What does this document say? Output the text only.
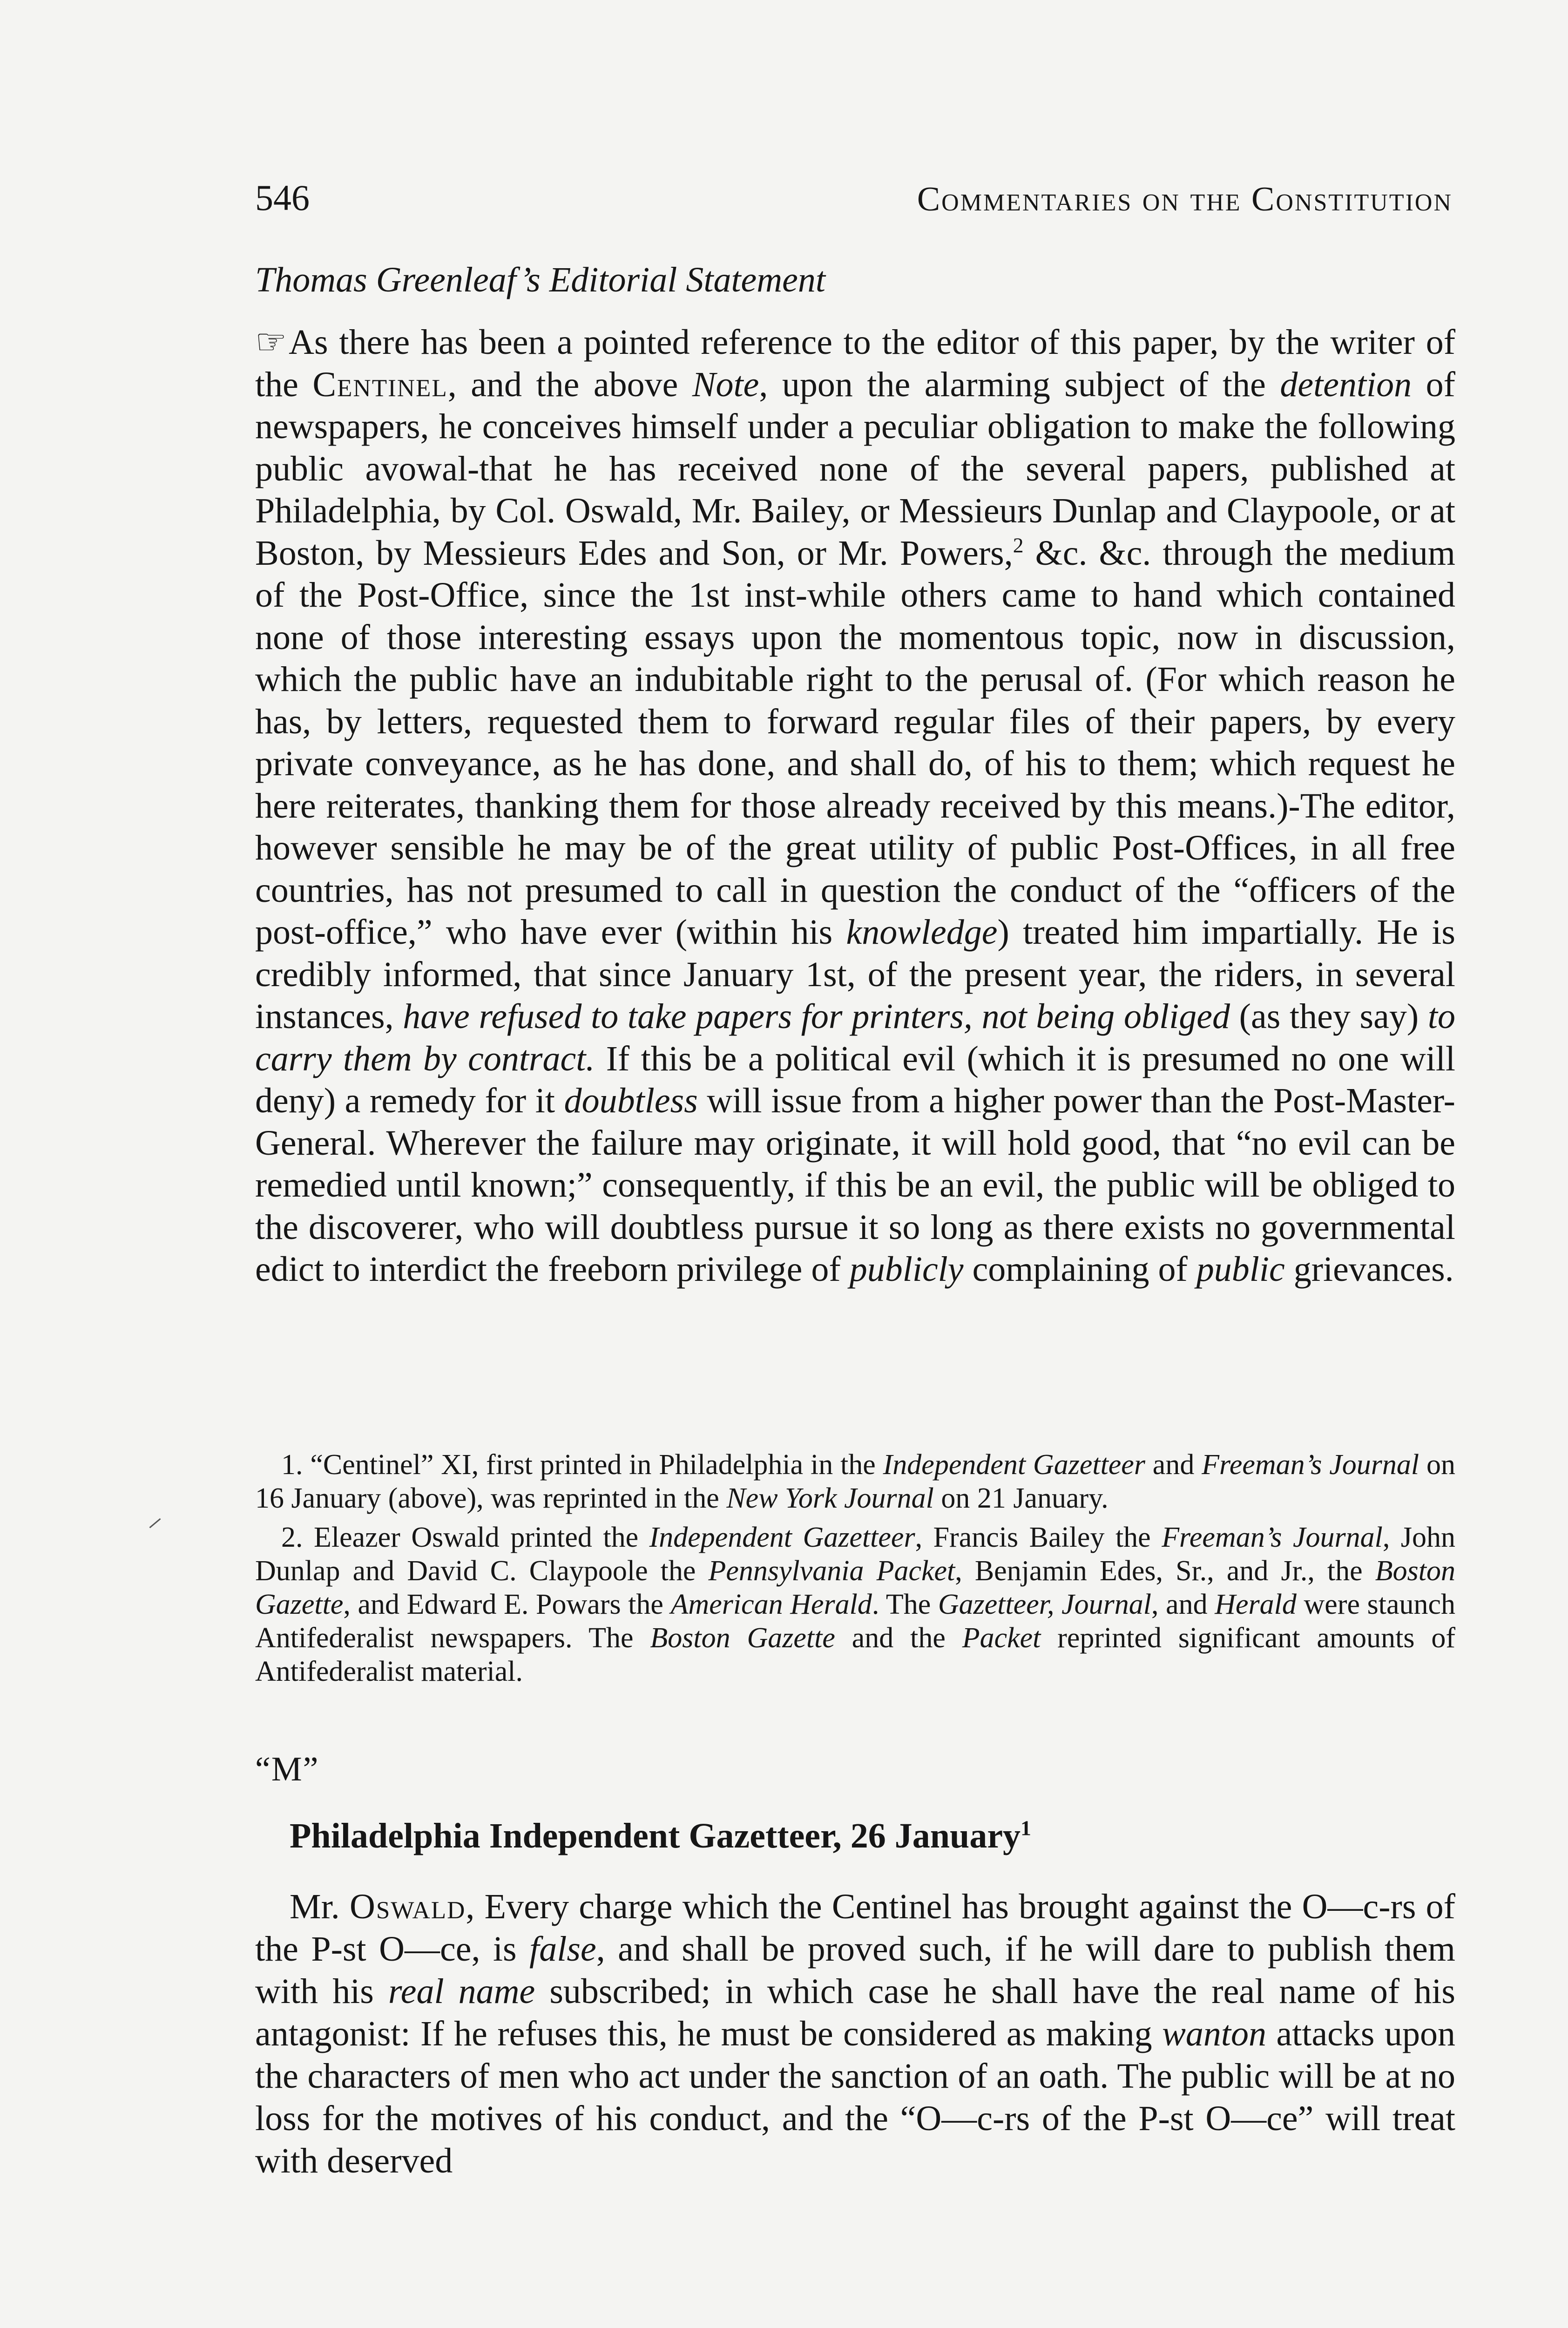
546	Commentaries on the Constitution
Thomas Greenleaf’s Editorial Statement
☞As there has been a pointed reference to the editor of this paper, by the writer of the Centinel, and the above Note, upon the alarming subject of the detention of newspapers, he conceives himself under a peculiar obligation to make the following public avowal-that he has received none of the several papers, published at Philadelphia, by Col. Oswald, Mr. Bailey, or Messieurs Dunlap and Claypoole, or at Boston, by Messieurs Edes and Son, or Mr. Powers,$^2$ &c. &c. through the medium of the Post-Office, since the 1st inst-while others came to hand which contained none of those interesting essays upon the momentous topic, now in discussion, which the public have an indubitable right to the perusal of. (For which reason he has, by letters, requested them to forward regular files of their papers, by every private conveyance, as he has done, and shall do, of his to them; which request he here reiterates, thanking them for those already received by this means.)-The editor, however sensible he may be of the great utility of public Post-Offices, in all free countries, has not presumed to call in question the conduct of the “officers of the post-office,” who have ever (within his knowledge) treated him impartially. He is credibly informed, that since January 1st, of the present year, the riders, in several instances, have refused to take papers for printers, not being obliged (as they say) to carry them by contract. If this be a political evil (which it is presumed no one will deny) a remedy for it doubtless will issue from a higher power than the Post-Master-General. Wherever the failure may originate, it will hold good, that “no evil can be remedied until known;” consequently, if this be an evil, the public will be obliged to the discoverer, who will doubtless pursue it so long as there exists no governmental edict to interdict the freeborn privilege of publicly complaining of public grievances.

1. “Centinel” XI, first printed in Philadelphia in the Independent Gazetteer and Freeman’s Journal on 16 January (above), was reprinted in the New York Journal on 21 January.

2. Eleazer Oswald printed the Independent Gazetteer, Francis Bailey the Freeman’s Journal, John Dunlap and David C. Claypoole the Pennsylvania Packet, Benjamin Edes, Sr., and Jr., the Boston Gazette, and Edward E. Powars the American Herald. The Gazetteer, Journal, and Herald were staunch Antifederalist newspapers. The Boston Gazette and the Packet reprinted significant amounts of Antifederalist material.

“M”
Philadelphia Independent Gazetteer, 26 January$^1$
Mr. Oswald, Every charge which the Centinel has brought against the O—c-rs of the P-st O—ce, is false, and shall be proved such, if he will dare to publish them with his real name subscribed; in which case he shall have the real name of his antagonist: If he refuses this, he must be considered as making wanton attacks upon the characters of men who act under the sanction of an oath. The public will be at no loss for the motives of his conduct, and the “O—c-rs of the P-st O—ce” will treat with deserved
